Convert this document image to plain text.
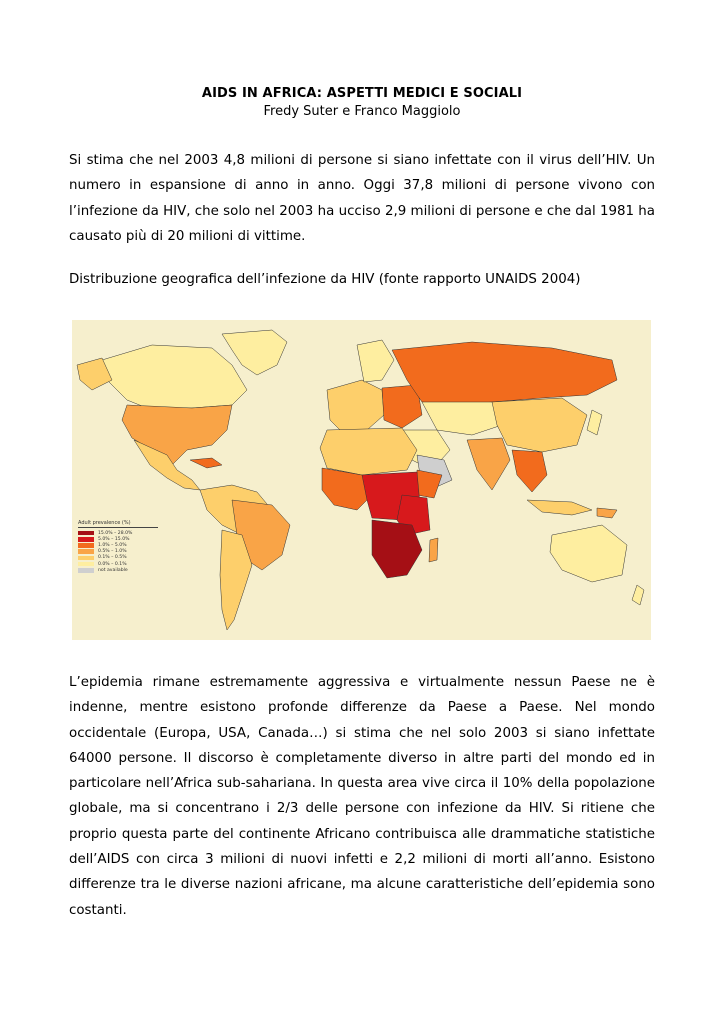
AIDS IN AFRICA: ASPETTI MEDICI E SOCIALI
Fredy Suter e Franco Maggiolo
Si stima che nel 2003 4,8 milioni di persone si siano infettate con il virus dell’HIV. Un numero in espansione di anno in anno. Oggi 37,8 milioni di persone vivono con l’infezione da HIV, che solo nel 2003 ha ucciso 2,9 milioni di persone e che dal 1981 ha causato più di 20 milioni di vittime.
Distribuzione geografica dell’infezione da HIV (fonte rapporto UNAIDS 2004)
Adult prevalence (%)
15.0% – 28.0%
5.0% – 15.0%
1.0% – 5.0%
0.5% – 1.0%
0.1% – 0.5%
0.0% – 0.1%
not available
L’epidemia rimane estremamente aggressiva e virtualmente nessun Paese ne è indenne, mentre esistono profonde differenze da Paese a Paese. Nel mondo occidentale (Europa, USA, Canada…) si stima che nel solo 2003 si siano infettate 64000 persone. Il discorso è completamente diverso in altre parti del mondo ed in particolare nell’Africa sub-sahariana. In questa area vive circa il 10% della popolazione globale, ma si concentrano i 2/3 delle persone con infezione da HIV. Si ritiene che proprio questa parte del continente Africano contribuisca alle drammatiche statistiche dell’AIDS con circa 3 milioni di nuovi infetti e 2,2 milioni di morti all’anno. Esistono differenze tra le diverse nazioni africane, ma alcune caratteristiche dell’epidemia sono costanti.
